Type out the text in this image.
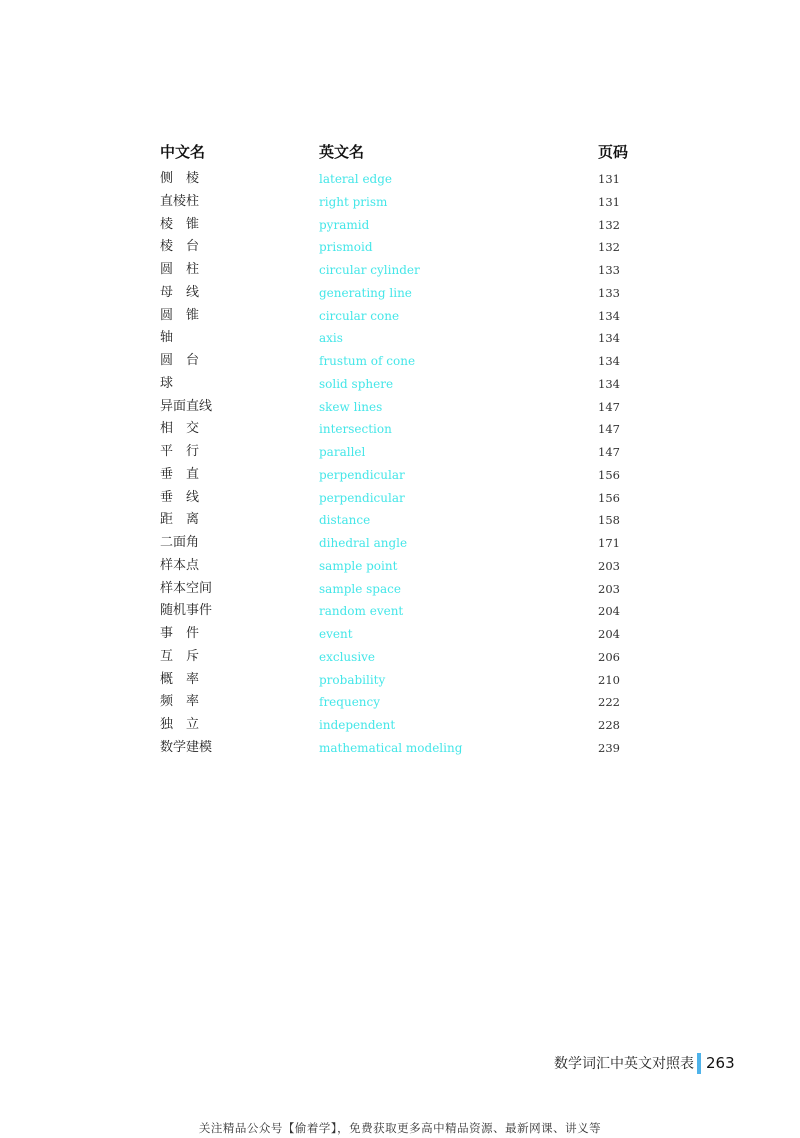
中文名	英文名	页码
侧　棱	lateral edge	131
直棱柱	right prism	131
棱　锥	pyramid	132
棱　台	prismoid	132
圆　柱	circular cylinder	133
母　线	generating line	133
圆　锥	circular cone	134
轴	axis	134
圆　台	frustum of cone	134
球	solid sphere	134
异面直线	skew lines	147
相　交	intersection	147
平　行	parallel	147
垂　直	perpendicular	156
垂　线	perpendicular	156
距　离	distance	158
二面角	dihedral angle	171
样本点	sample point	203
样本空间	sample space	203
随机事件	random event	204
事　件	event	204
互　斥	exclusive	206
概　率	probability	210
频　率	frequency	222
独　立	independent	228
数学建模	mathematical modeling	239
数学词汇中英文对照表 263
关注精品公众号【偷着学】，免费获取更多高中精品资源、最新网课、讲义等
